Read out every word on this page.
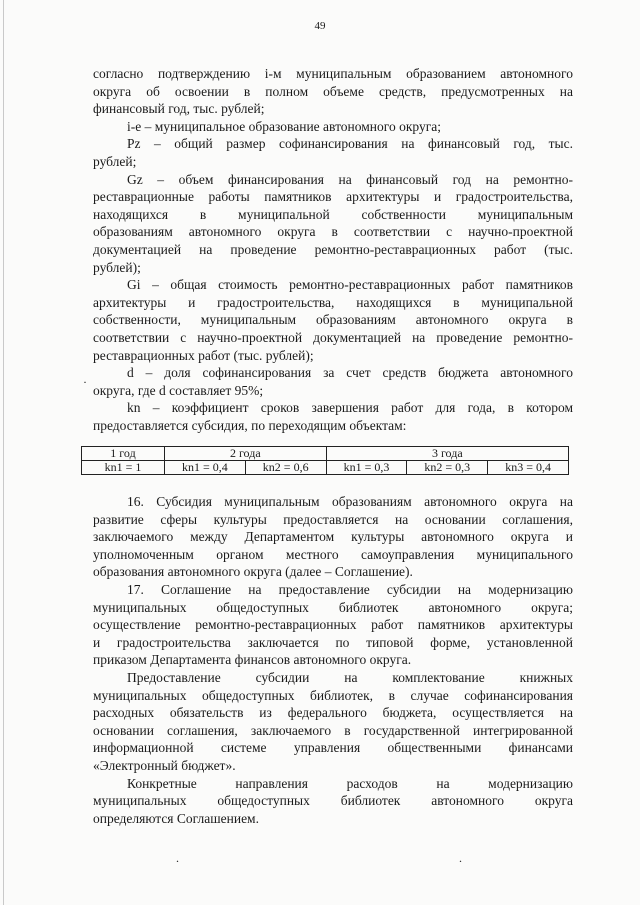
49

согласно подтверждению i-м муниципальным образованием автономного
округа об освоении в полном объеме средств, предусмотренных на
финансовый год, тыс. рублей;

i-е – муниципальное образование автономного округа;

Pz – общий размер софинансирования на финансовый год, тыс.
рублей;

Gz – объем финансирования на финансовый год на ремонтно-
реставрационные работы памятников архитектуры и градостроительства,
находящихся в муниципальной собственности муниципальным
образованиям автономного округа в соответствии с научно-проектной
документацией на проведение ремонтно-реставрационных работ (тыс.
рублей);

Gi – общая стоимость ремонтно-реставрационных работ памятников
архитектуры и градостроительства, находящихся в муниципальной
собственности, муниципальным образованиям автономного округа в
соответствии с научно-проектной документацией на проведение ремонтно-
реставрационных работ (тыс. рублей);

d – доля софинансирования за счет средств бюджета автономного
округа, где d составляет 95%;

kn – коэффициент сроков завершения работ для года, в котором
предоставляется субсидия, по переходящим объектам:

1 год	2 года		3 года		
kn1 = 1	kn1 = 0,4	kn2 = 0,6	kn1 = 0,3	kn2 = 0,3	kn3 = 0,4

16. Субсидия муниципальным образованиям автономного округа на
развитие сферы культуры предоставляется на основании соглашения,
заключаемого между Департаментом культуры автономного округа и
уполномоченным органом местного самоуправления муниципального
образования автономного округа (далее – Соглашение).

17. Соглашение на предоставление субсидии на модернизацию
муниципальных общедоступных библиотек автономного округа;
осуществление ремонтно-реставрационных работ памятников архитектуры
и градостроительства заключается по типовой форме, установленной
приказом Департамента финансов автономного округа.

Предоставление субсидии на комплектование книжных
муниципальных общедоступных библиотек, в случае софинансирования
расходных обязательств из федерального бюджета, осуществляется на
основании соглашения, заключаемого в государственной интегрированной
информационной системе управления общественными финансами
«Электронный бюджет».

Конкретные направления расходов на модернизацию
муниципальных общедоступных библиотек автономного округа
определяются Соглашением.

·
.	.
